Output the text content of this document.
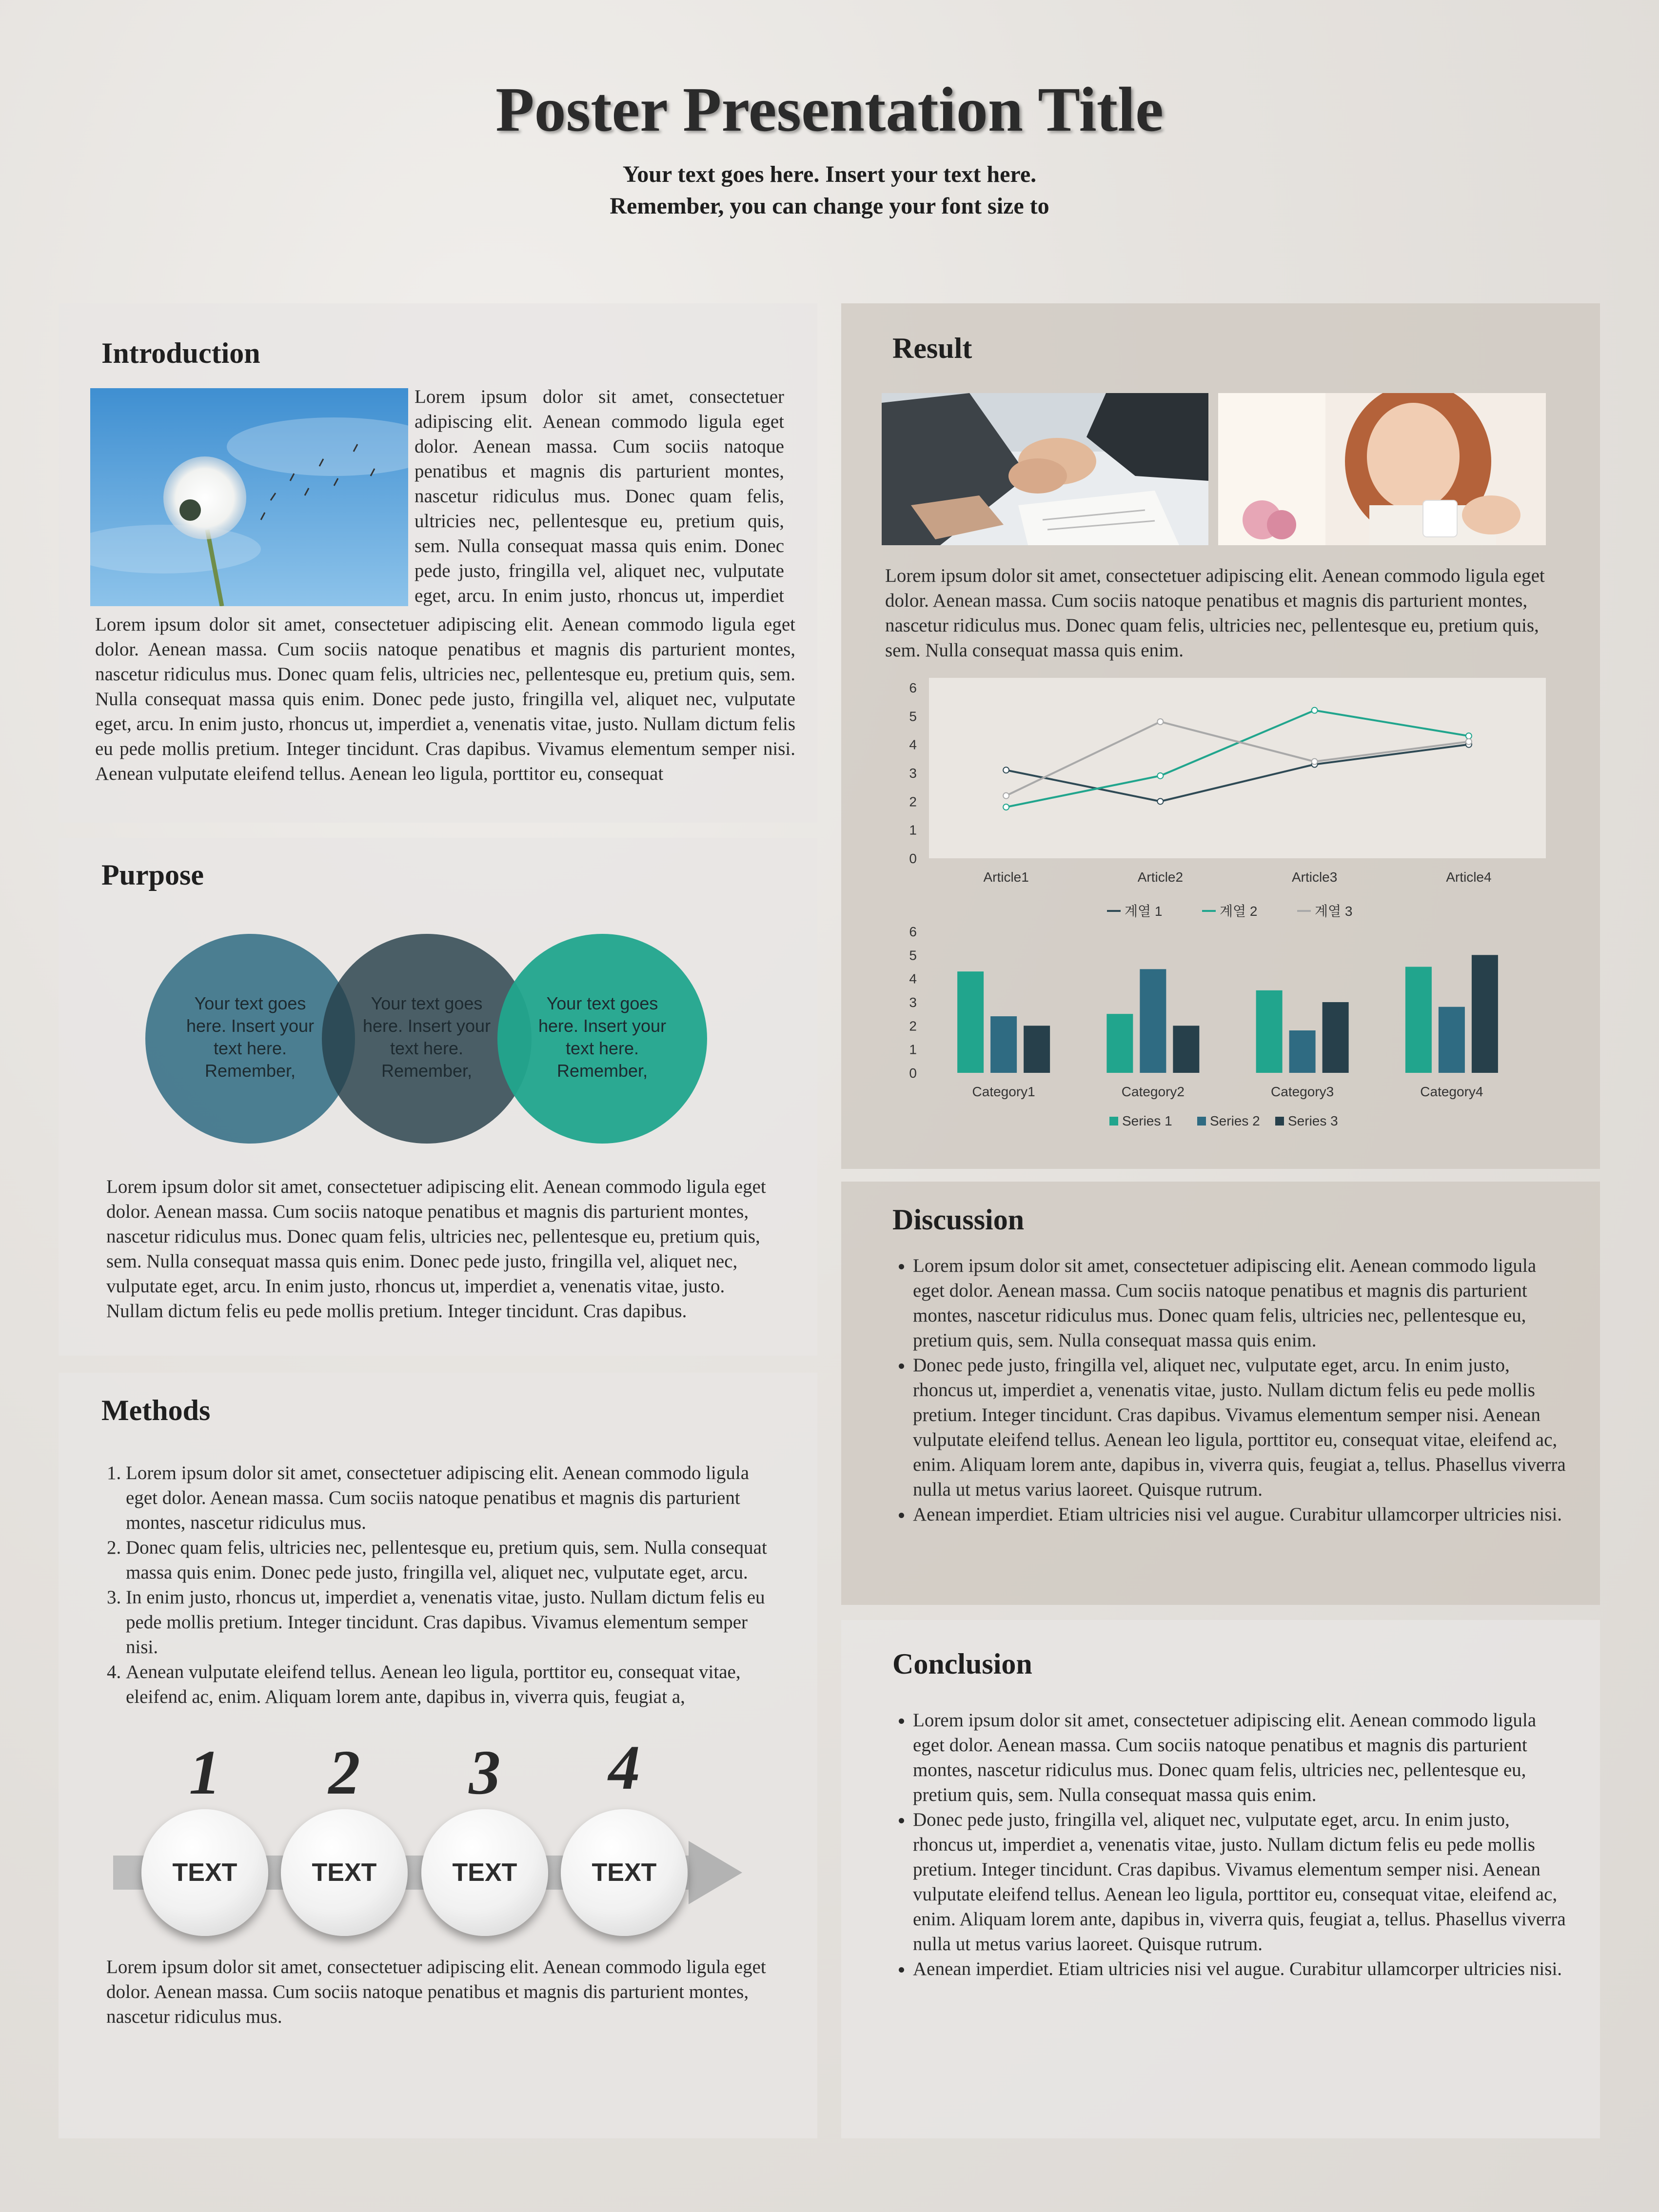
Poster Presentation Title
Your text goes here. Insert your text here.
Remember, you can change your font size to
Introduction
Lorem ipsum dolor sit amet, consectetuer adipiscing elit. Aenean commodo ligula eget dolor. Aenean massa. Cum sociis natoque penatibus et magnis dis parturient montes, nascetur ridiculus mus. Donec quam felis, ultricies nec, pellentesque eu, pretium quis, sem. Nulla consequat massa quis enim. Donec pede justo, fringilla vel, aliquet nec, vulputate eget, arcu. In enim justo, rhoncus ut, imperdiet
Lorem ipsum dolor sit amet, consectetuer adipiscing elit. Aenean commodo ligula eget dolor. Aenean massa. Cum sociis natoque penatibus et magnis dis parturient montes, nascetur ridiculus mus. Donec quam felis, ultricies nec, pellentesque eu, pretium quis, sem. Nulla consequat massa quis enim. Donec pede justo, fringilla vel, aliquet nec, vulputate eget, arcu. In enim justo, rhoncus ut, imperdiet a, venenatis vitae, justo. Nullam dictum felis eu pede mollis pretium. Integer tincidunt. Cras dapibus. Vivamus elementum semper nisi. Aenean vulputate eleifend tellus. Aenean leo ligula, porttitor eu, consequat
Purpose
Your text goes here. Insert your text here. Remember,
Your text goes here. Insert your text here. Remember,
Your text goes here. Insert your text here. Remember,
Lorem ipsum dolor sit amet, consectetuer adipiscing elit. Aenean commodo ligula eget dolor. Aenean massa. Cum sociis natoque penatibus et magnis dis parturient montes, nascetur ridiculus mus. Donec quam felis, ultricies nec, pellentesque eu, pretium quis, sem. Nulla consequat massa quis enim. Donec pede justo, fringilla vel, aliquet nec, vulputate eget, arcu. In enim justo, rhoncus ut, imperdiet a, venenatis vitae, justo. Nullam dictum felis eu pede mollis pretium. Integer tincidunt. Cras dapibus.
Methods
1. Lorem ipsum dolor sit amet, consectetuer adipiscing elit. Aenean commodo ligula eget dolor. Aenean massa. Cum sociis natoque penatibus et magnis dis parturient montes, nascetur ridiculus mus.
2. Donec quam felis, ultricies nec, pellentesque eu, pretium quis, sem. Nulla consequat massa quis enim. Donec pede justo, fringilla vel, aliquet nec, vulputate eget, arcu.
3. In enim justo, rhoncus ut, imperdiet a, venenatis vitae, justo. Nullam dictum felis eu pede mollis pretium. Integer tincidunt. Cras dapibus. Vivamus elementum semper nisi.
4. Aenean vulputate eleifend tellus. Aenean leo ligula, porttitor eu, consequat vitae, eleifend ac, enim. Aliquam lorem ante, dapibus in, viverra quis, feugiat a,
1	2	3	4
TEXT	TEXT	TEXT	TEXT
Lorem ipsum dolor sit amet, consectetuer adipiscing elit. Aenean commodo ligula eget dolor. Aenean massa. Cum sociis natoque penatibus et magnis dis parturient montes, nascetur ridiculus mus.
Result
Lorem ipsum dolor sit amet, consectetuer adipiscing elit. Aenean commodo ligula eget dolor. Aenean massa. Cum sociis natoque penatibus et magnis dis parturient montes, nascetur ridiculus mus. Donec quam felis, ultricies nec, pellentesque eu, pretium quis, sem. Nulla consequat massa quis enim.
0
1
2
3
4
5
6
Article1	Article2	Article3	Article4
계열 1	계열 2	계열 3
0
1
2
3
4
5
6
Category1	Category2	Category3	Category4
Series 1	Series 2 Series 3
Discussion
• Lorem ipsum dolor sit amet, consectetuer adipiscing elit. Aenean commodo ligula eget dolor. Aenean massa. Cum sociis natoque penatibus et magnis dis parturient montes, nascetur ridiculus mus. Donec quam felis, ultricies nec, pellentesque eu, pretium quis, sem. Nulla consequat massa quis enim.
• Donec pede justo, fringilla vel, aliquet nec, vulputate eget, arcu. In enim justo, rhoncus ut, imperdiet a, venenatis vitae, justo. Nullam dictum felis eu pede mollis pretium. Integer tincidunt. Cras dapibus. Vivamus elementum semper nisi. Aenean vulputate eleifend tellus. Aenean leo ligula, porttitor eu, consequat vitae, eleifend ac, enim. Aliquam lorem ante, dapibus in, viverra quis, feugiat a, tellus. Phasellus viverra nulla ut metus varius laoreet. Quisque rutrum.
• Aenean imperdiet. Etiam ultricies nisi vel augue. Curabitur ullamcorper ultricies nisi.
Conclusion
• Lorem ipsum dolor sit amet, consectetuer adipiscing elit. Aenean commodo ligula eget dolor. Aenean massa. Cum sociis natoque penatibus et magnis dis parturient montes, nascetur ridiculus mus. Donec quam felis, ultricies nec, pellentesque eu, pretium quis, sem. Nulla consequat massa quis enim.
• Donec pede justo, fringilla vel, aliquet nec, vulputate eget, arcu. In enim justo, rhoncus ut, imperdiet a, venenatis vitae, justo. Nullam dictum felis eu pede mollis pretium. Integer tincidunt. Cras dapibus. Vivamus elementum semper nisi. Aenean vulputate eleifend tellus. Aenean leo ligula, porttitor eu, consequat vitae, eleifend ac, enim. Aliquam lorem ante, dapibus in, viverra quis, feugiat a, tellus. Phasellus viverra nulla ut metus varius laoreet. Quisque rutrum.
• Aenean imperdiet. Etiam ultricies nisi vel augue. Curabitur ullamcorper ultricies nisi.
